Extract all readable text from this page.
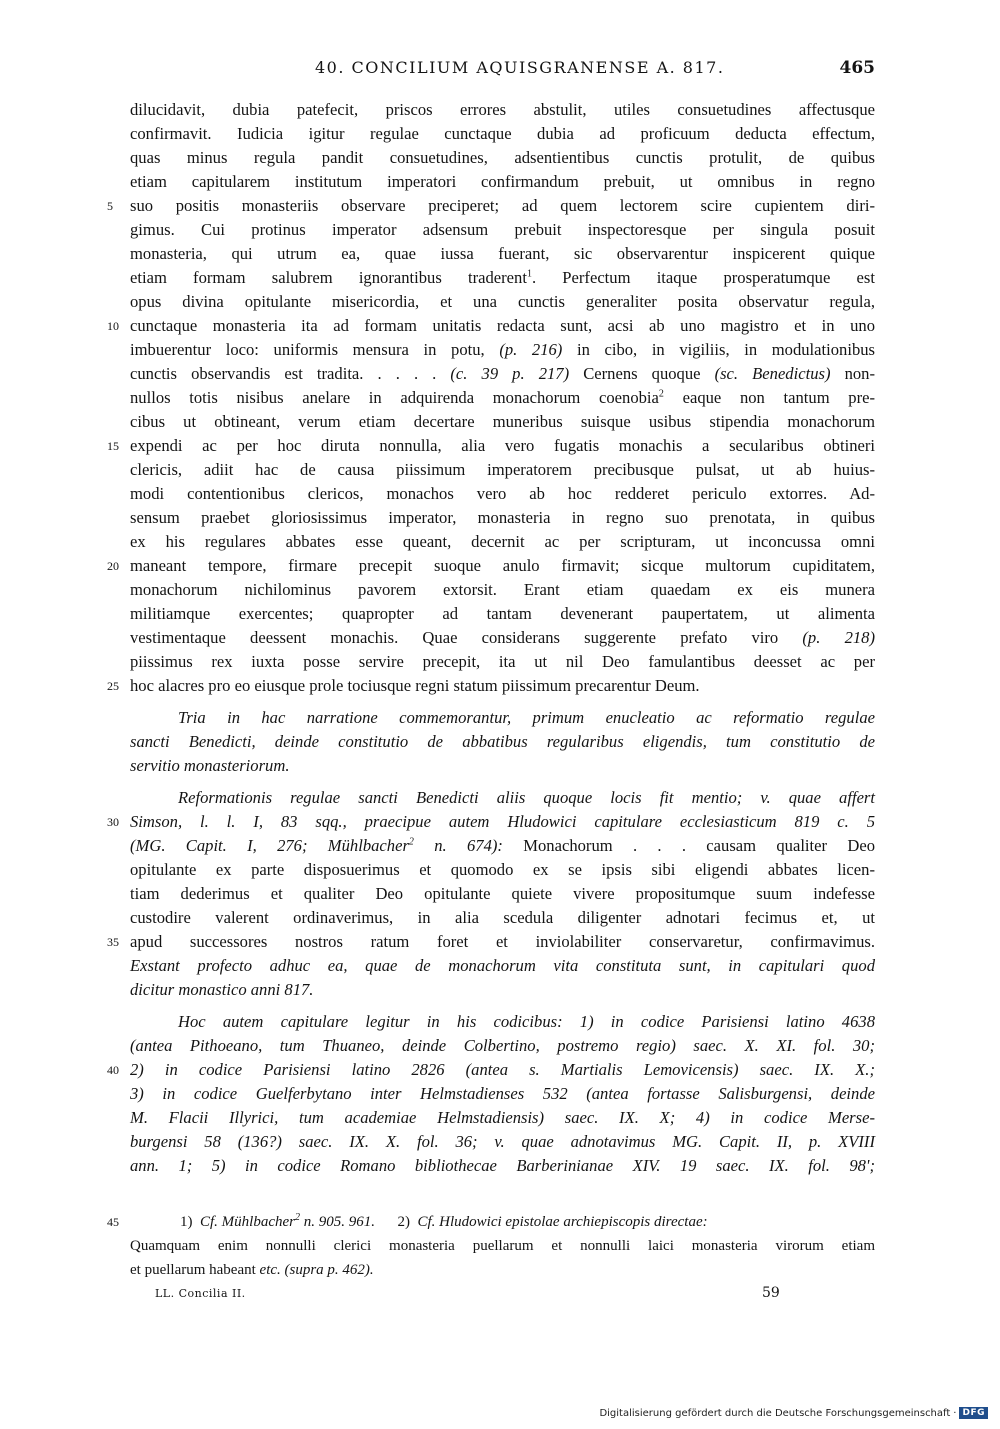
40. CONCILIUM AQUISGRANENSE A. 817.	465
dilucidavit, dubia patefecit, priscos errores abstulit, utiles consuetudines affectusque
confirmavit. Iudicia igitur regulae cunctaque dubia ad proficuum deducta effectum,
quas minus regula pandit consuetudines, adsentientibus cunctis protulit, de quibus
etiam capitularem institutum imperatori confirmandum prebuit, ut omnibus in regno
suo positis monasteriis observare preciperet; ad quem lectorem scire cupientem diri-
gimus. Cui protinus imperator adsensum prebuit inspectoresque per singula posuit
monasteria, qui utrum ea, quae iussa fuerant, sic observarentur inspicerent quique
etiam formam salubrem ignorantibus traderent$^1$. Perfectum itaque prosperatumque est
opus divina opitulante misericordia, et una cunctis generaliter posita observatur regula,
cunctaque monasteria ita ad formam unitatis redacta sunt, acsi ab uno magistro et in uno
imbuerentur loco: uniformis mensura in potu, (p. 216) in cibo, in vigiliis, in modulationibus
cunctis observandis est tradita. . . . . (c. 39 p. 217) Cernens quoque (sc. Benedictus) non-
nullos totis nisibus anelare in adquirenda monachorum coenobia$^2$ eaque non tantum pre-
cibus ut obtineant, verum etiam decertare muneribus suisque usibus stipendia monachorum
expendi ac per hoc diruta nonnulla, alia vero fugatis monachis a secularibus obtineri
clericis, adiit hac de causa piissimum imperatorem precibusque pulsat, ut ab huius-
modi contentionibus clericos, monachos vero ab hoc redderet periculo extorres. Ad-
sensum praebet gloriosissimus imperator, monasteria in regno suo prenotata, in quibus
ex his regulares abbates esse queant, decernit ac per scripturam, ut inconcussa omni
maneant tempore, firmare precepit suoque anulo firmavit; sicque multorum cupiditatem,
monachorum nichilominus pavorem extorsit. Erant etiam quaedam ex eis munera
militiamque exercentes; quapropter ad tantam devenerant paupertatem, ut alimenta
vestimentaque deessent monachis. Quae considerans suggerente prefato viro (p. 218)
piissimus rex iuxta posse servire precepit, ita ut nil Deo famulantibus deesset ac per
hoc alacres pro eo eiusque prole tociusque regni statum piissimum precarentur Deum.
Tria in hac narratione commemorantur, primum enucleatio ac reformatio regulae
sancti Benedicti, deinde constitutio de abbatibus regularibus eligendis, tum constitutio de
servitio monasteriorum.
Reformationis regulae sancti Benedicti aliis quoque locis fit mentio; v. quae affert
Simson, l. l. I, 83 sqq., praecipue autem Hludowici capitulare ecclesiasticum 819 c. 5
(MG. Capit. I, 276; Mühlbacher$^2$ n. 674): Monachorum . . . causam qualiter Deo
opitulante ex parte disposuerimus et quomodo ex se ipsis sibi eligendi abbates licen-
tiam dederimus et qualiter Deo opitulante quiete vivere propositumque suum indefesse
custodire valerent ordinaverimus, in alia scedula diligenter adnotari fecimus et, ut
apud successores nostros ratum foret et inviolabiliter conservaretur, confirmavimus.
Exstant profecto adhuc ea, quae de monachorum vita constituta sunt, in capitulari quod
dicitur monastico anni 817.
Hoc autem capitulare legitur in his codicibus: 1) in codice Parisiensi latino 4638
(antea Pithoeano, tum Thuaneo, deinde Colbertino, postremo regio) saec. X. XI. fol. 30;
2) in codice Parisiensi latino 2826 (antea s. Martialis Lemovicensis) saec. IX. X.;
3) in codice Guelferbytano inter Helmstadienses 532 (antea fortasse Salisburgensi, deinde
M. Flacii Illyrici, tum academiae Helmstadiensis) saec. IX. X; 4) in codice Merse-
burgensi 58 (136?) saec. IX. X. fol. 36; v. quae adnotavimus MG. Capit. II, p. XVIII
ann. 1; 5) in codice Romano bibliothecae Barberinianae XIV. 19 saec. IX. fol. 98';
5
10
15
20
25
30
35
40
45	1) Cf. Mühlbacher$^2$ n. 905. 961. 2) Cf. Hludowici epistolae archiepiscopis directae:
Quamquam enim nonnulli clerici monasteria puellarum et nonnulli laici monasteria virorum etiam
et puellarum habeant etc. (supra p. 462).
LL. Concilia II.	59
Digitalisierung gefördert durch die Deutsche Forschungsgemeinschaft · DFG
